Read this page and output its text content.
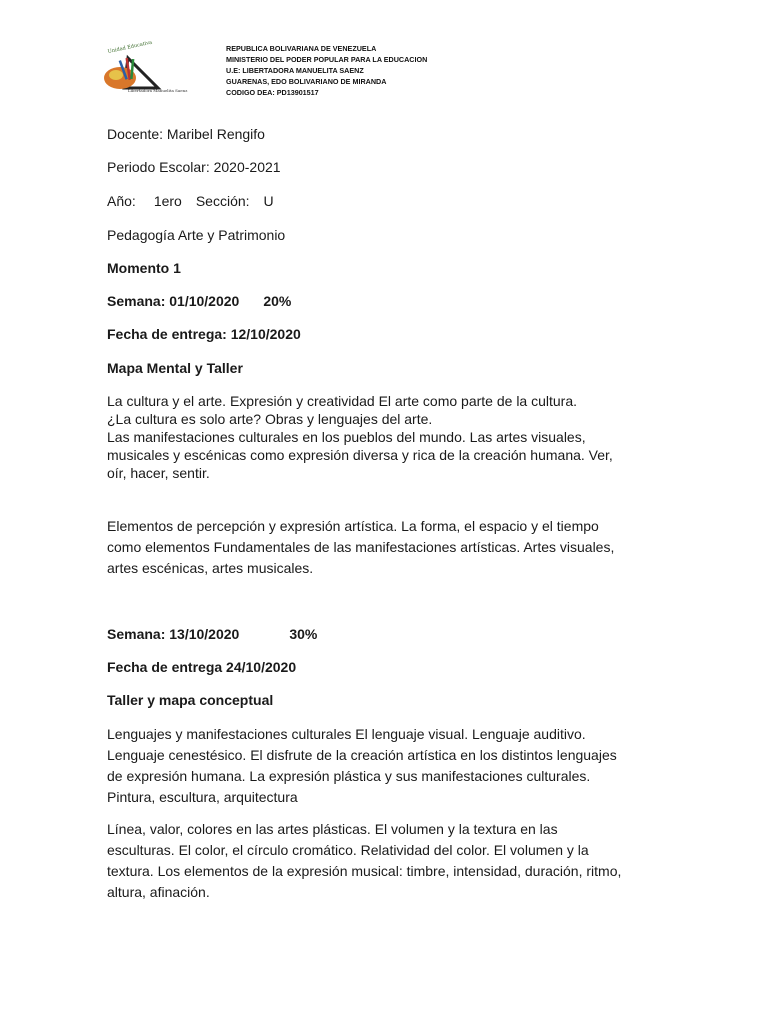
Unidad Educativa
Libertadora Manuelita Saenz
REPUBLICA BOLIVARIANA DE VENEZUELA
MINISTERIO DEL PODER POPULAR PARA LA EDUCACION
U.E: LIBERTADORA MANUELITA SAENZ
GUARENAS, EDO BOLIVARIANO DE MIRANDA
CODIGO DEA: PD13901517
Docente: Maribel Rengifo
Periodo Escolar: 2020-2021
Año: 1ero Sección: U
Pedagogía Arte y Patrimonio
Momento 1
Semana: 01/10/2020 20%
Fecha de entrega: 12/10/2020
Mapa Mental y Taller
La cultura y el arte. Expresión y creatividad El arte como parte de la cultura.
¿La cultura es solo arte? Obras y lenguajes del arte.
Las manifestaciones culturales en los pueblos del mundo. Las artes visuales,
musicales y escénicas como expresión diversa y rica de la creación humana. Ver,
oír, hacer, sentir.
Elementos de percepción y expresión artística. La forma, el espacio y el tiempo
como elementos Fundamentales de las manifestaciones artísticas. Artes visuales,
artes escénicas, artes musicales.
Semana: 13/10/2020	30%
Fecha de entrega 24/10/2020
Taller y mapa conceptual
Lenguajes y manifestaciones culturales El lenguaje visual. Lenguaje auditivo.
Lenguaje cenestésico. El disfrute de la creación artística en los distintos lenguajes
de expresión humana. La expresión plástica y sus manifestaciones culturales.
Pintura, escultura, arquitectura
Línea, valor, colores en las artes plásticas. El volumen y la textura en las
esculturas. El color, el círculo cromático. Relatividad del color. El volumen y la
textura. Los elementos de la expresión musical: timbre, intensidad, duración, ritmo,
altura, afinación.
